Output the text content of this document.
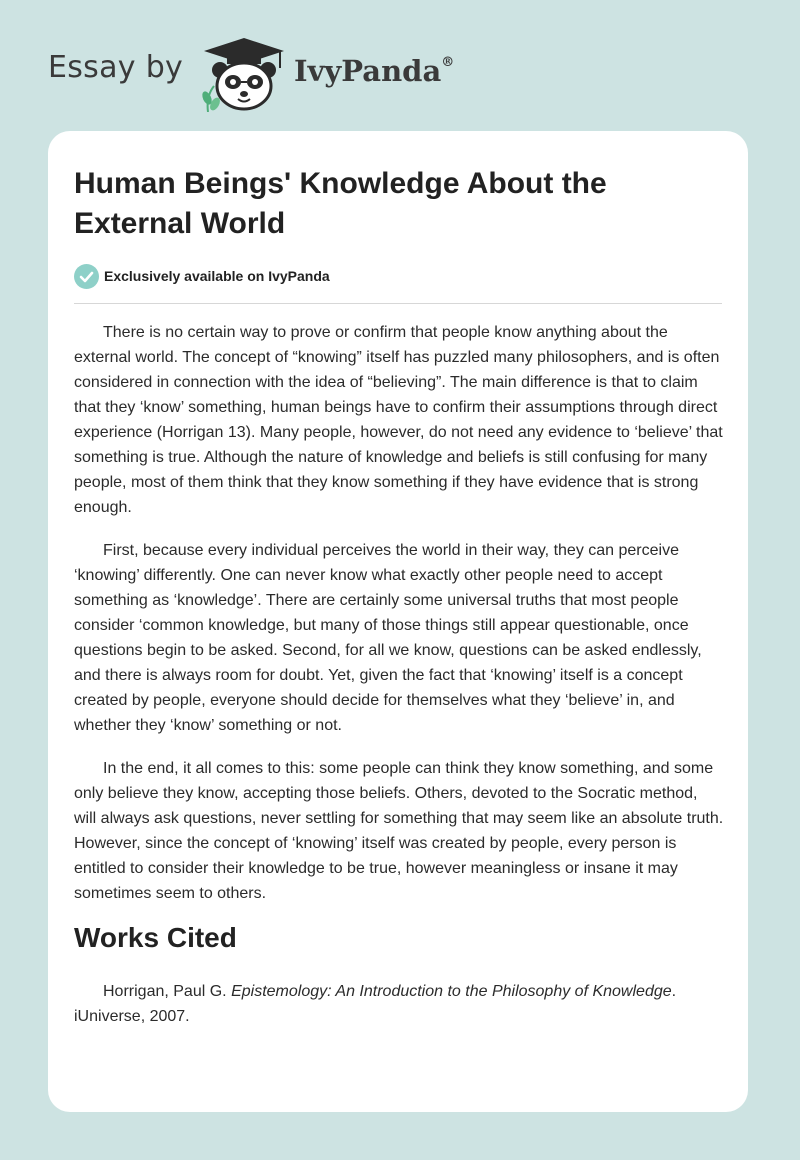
Essay by	IvyPanda®
Human Beings' Knowledge About the External World
Exclusively available on IvyPanda

There is no certain way to prove or confirm that people know anything about the external world. The concept of “knowing” itself has puzzled many philosophers, and is often considered in connection with the idea of “believing”. The main difference is that to claim that they ‘know’ something, human beings have to confirm their assumptions through direct experience (Horrigan 13). Many people, however, do not need any evidence to ‘believe’ that something is true. Although the nature of knowledge and beliefs is still confusing for many people, most of them think that they know something if they have evidence that is strong enough.

First, because every individual perceives the world in their way, they can perceive ‘knowing’ differently. One can never know what exactly other people need to accept something as ‘knowledge’. There are certainly some universal truths that most people consider ‘common knowledge, but many of those things still appear questionable, once questions begin to be asked. Second, for all we know, questions can be asked endlessly, and there is always room for doubt. Yet, given the fact that ‘knowing’ itself is a concept created by people, everyone should decide for themselves what they ‘believe’ in, and whether they ‘know’ something or not.

In the end, it all comes to this: some people can think they know something, and some only believe they know, accepting those beliefs. Others, devoted to the Socratic method, will always ask questions, never settling for something that may seem like an absolute truth. However, since the concept of ‘knowing’ itself was created by people, every person is entitled to consider their knowledge to be true, however meaningless or insane it may sometimes seem to others.

Works Cited

Horrigan, Paul G. Epistemology: An Introduction to the Philosophy of Knowledge. iUniverse, 2007.
